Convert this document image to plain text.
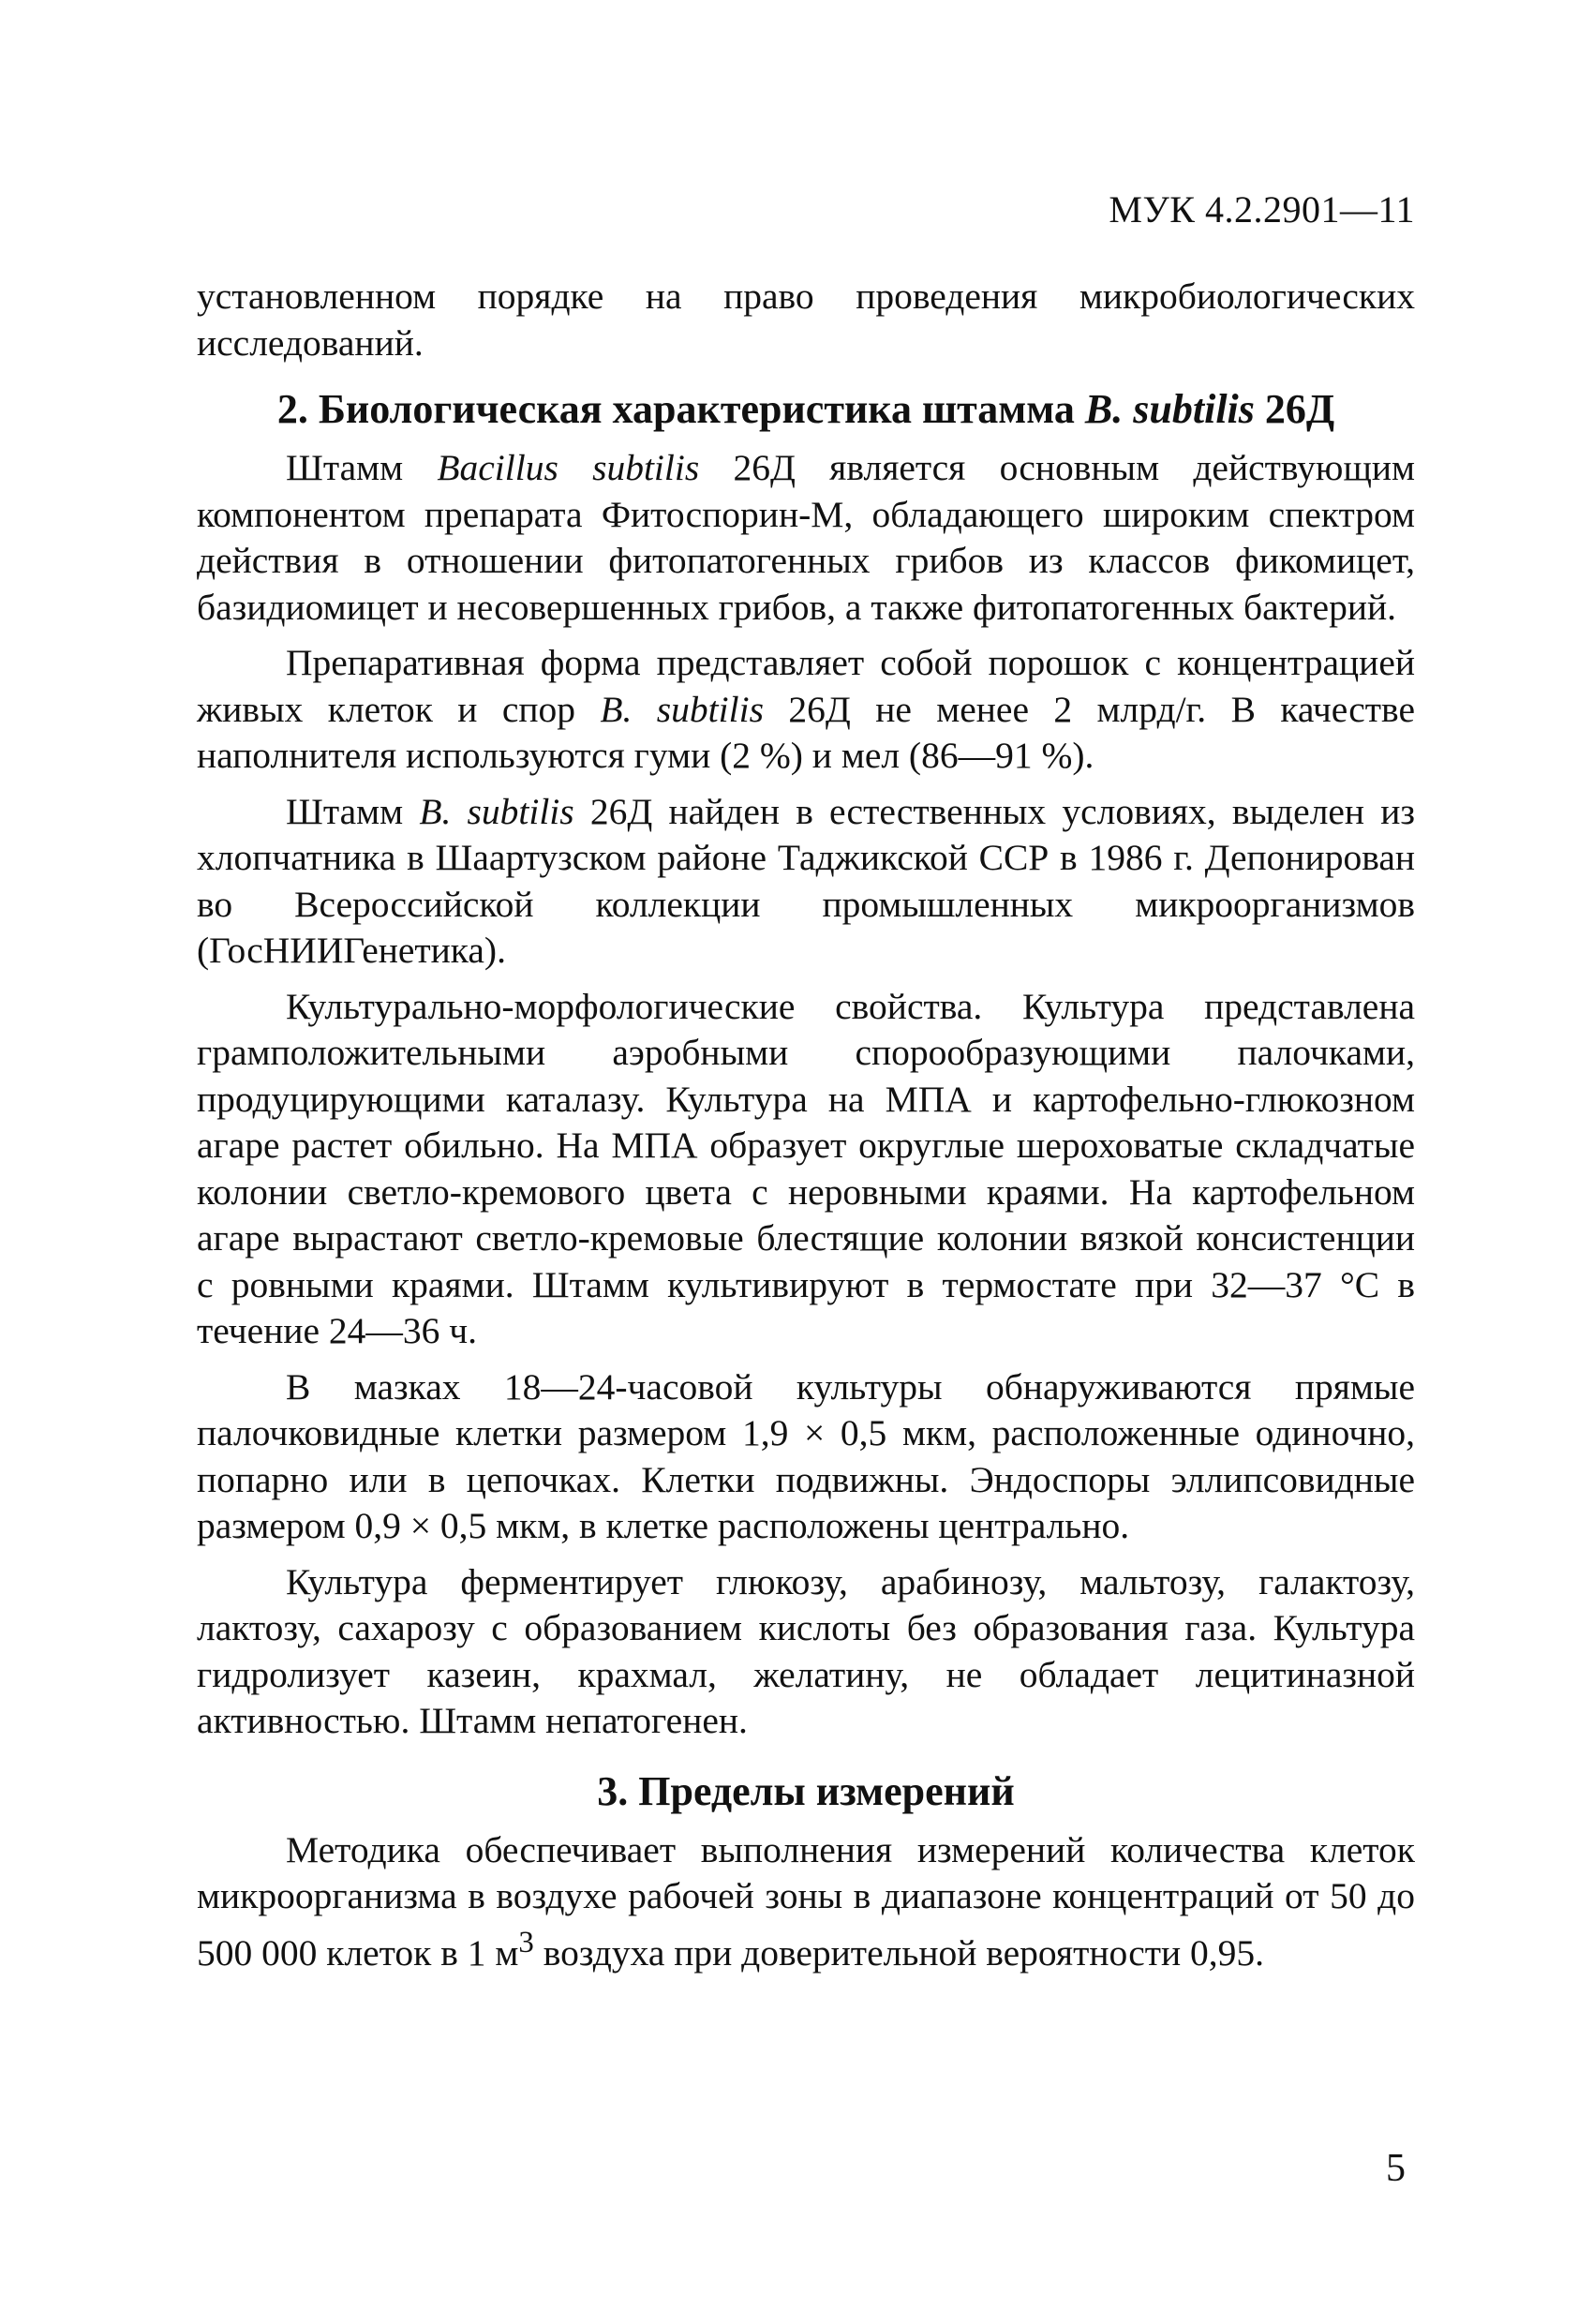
МУК 4.2.2901—11

установленном порядке на право проведения микробиологических исследований.

2. Биологическая характеристика штамма B. subtilis 26Д

Штамм Bacillus subtilis 26Д является основным действующим компонентом препарата Фитоспорин-М, обладающего широким спектром действия в отношении фитопатогенных грибов из классов фикомицет, базидиомицет и несовершенных грибов, а также фитопатогенных бактерий.

Препаративная форма представляет собой порошок с концентрацией живых клеток и спор B. subtilis 26Д не менее 2 млрд/г. В качестве наполнителя используются гуми (2 %) и мел (86—91 %).

Штамм B. subtilis 26Д найден в естественных условиях, выделен из хлопчатника в Шаартузском районе Таджикской ССР в 1986 г. Депонирован во Всероссийской коллекции промышленных микроорганизмов (ГосНИИГенетика).

Культурально-морфологические свойства. Культура представлена грамположительными аэробными спорообразующими палочками, продуцирующими каталазу. Культура на МПА и картофельно-глюкозном агаре растет обильно. На МПА образует округлые шероховатые складчатые колонии светло-кремового цвета с неровными краями. На картофельном агаре вырастают светло-кремовые блестящие колонии вязкой консистенции с ровными краями. Штамм культивируют в термостате при 32—37 °С в течение 24—36 ч.

В мазках 18—24-часовой культуры обнаруживаются прямые палочковидные клетки размером 1,9 × 0,5 мкм, расположенные одиночно, попарно или в цепочках. Клетки подвижны. Эндоспоры эллипсовидные размером 0,9 × 0,5 мкм, в клетке расположены центрально.

Культура ферментирует глюкозу, арабинозу, мальтозу, галактозу, лактозу, сахарозу с образованием кислоты без образования газа. Культура гидролизует казеин, крахмал, желатину, не обладает лецитиназной активностью. Штамм непатогенен.

3. Пределы измерений

Методика обеспечивает выполнения измерений количества клеток микроорганизма в воздухе рабочей зоны в диапазоне концентраций от 50 до 500 000 клеток в 1 $м^3$ воздуха при доверительной вероятности 0,95.

5
